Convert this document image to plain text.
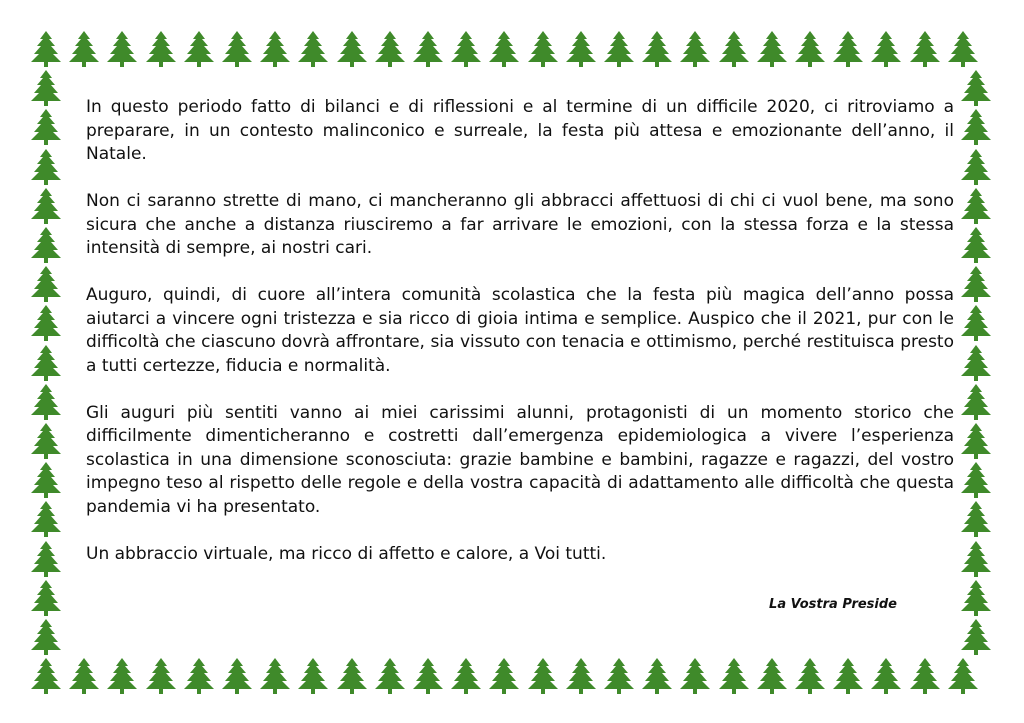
In questo periodo fatto di bilanci e di riflessioni e al termine di un difficile 2020, ci ritroviamo a preparare, in un contesto malinconico e surreale, la festa più attesa e emozionante dell’anno, il Natale.

Non ci saranno strette di mano, ci mancheranno gli abbracci affettuosi di chi ci vuol bene, ma sono sicura che anche a distanza riusciremo a far arrivare le emozioni, con la stessa forza e la stessa intensità di sempre, ai nostri cari.

Auguro, quindi, di cuore all’intera comunità scolastica che la festa più magica dell’anno possa aiutarci a vincere ogni tristezza e sia ricco di gioia intima e semplice. Auspico che il 2021, pur con le difficoltà che ciascuno dovrà affrontare, sia vissuto con tenacia e ottimismo, perché restituisca presto a tutti certezze, fiducia e normalità.

Gli auguri più sentiti vanno ai miei carissimi alunni, protagonisti di un momento storico che difficilmente dimenticheranno e costretti dall’emergenza epidemiologica a vivere l’esperienza scolastica in una dimensione sconosciuta: grazie bambine e bambini, ragazze e ragazzi, del vostro impegno teso al rispetto delle regole e della vostra capacità di adattamento alle difficoltà che questa pandemia vi ha presentato.

Un abbraccio virtuale, ma ricco di affetto e calore, a Voi tutti.

La Vostra Preside
